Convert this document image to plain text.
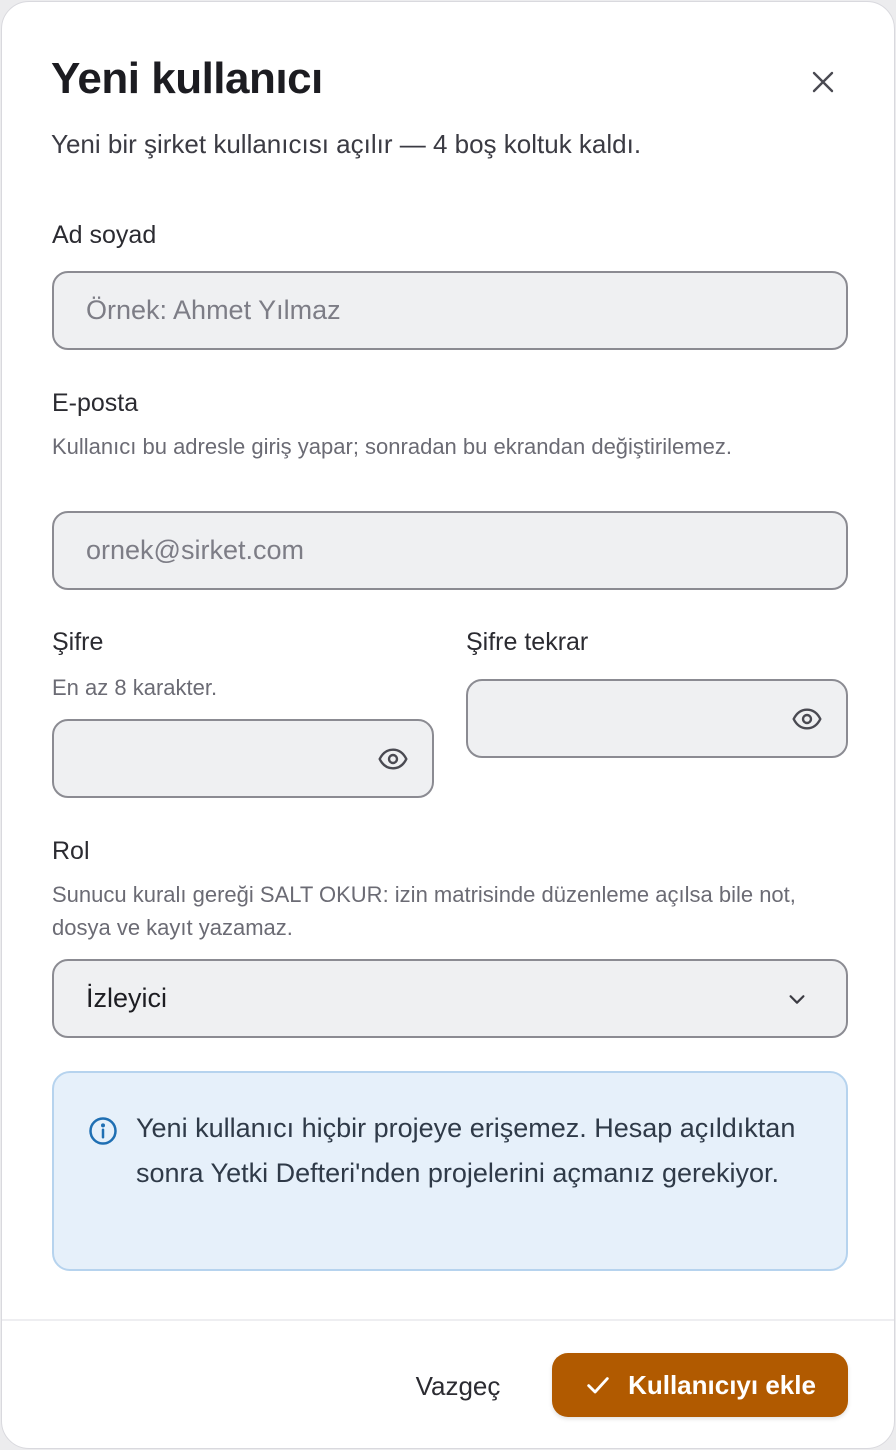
Yeni kullanıcı

Yeni bir şirket kullanıcısı açılır — 4 boş koltuk kaldı.

Ad soyad
Örnek: Ahmet Yılmaz
E-posta
Kullanıcı bu adresle giriş yapar; sonradan bu ekrandan değiştirilemez.
ornek@sirket.com
Şifre
En az 8 karakter.
Şifre tekrar
Rol
Sunucu kuralı gereği SALT OKUR: izin matrisinde düzenleme açılsa bile not, dosya ve kayıt yazamaz.
İzleyici

Yeni kullanıcı hiçbir projeye erişemez. Hesap açıldıktan sonra Yetki Defteri'nden projelerini açmanız gerekiyor.

Vazgeç	Kullanıcıyı ekle
